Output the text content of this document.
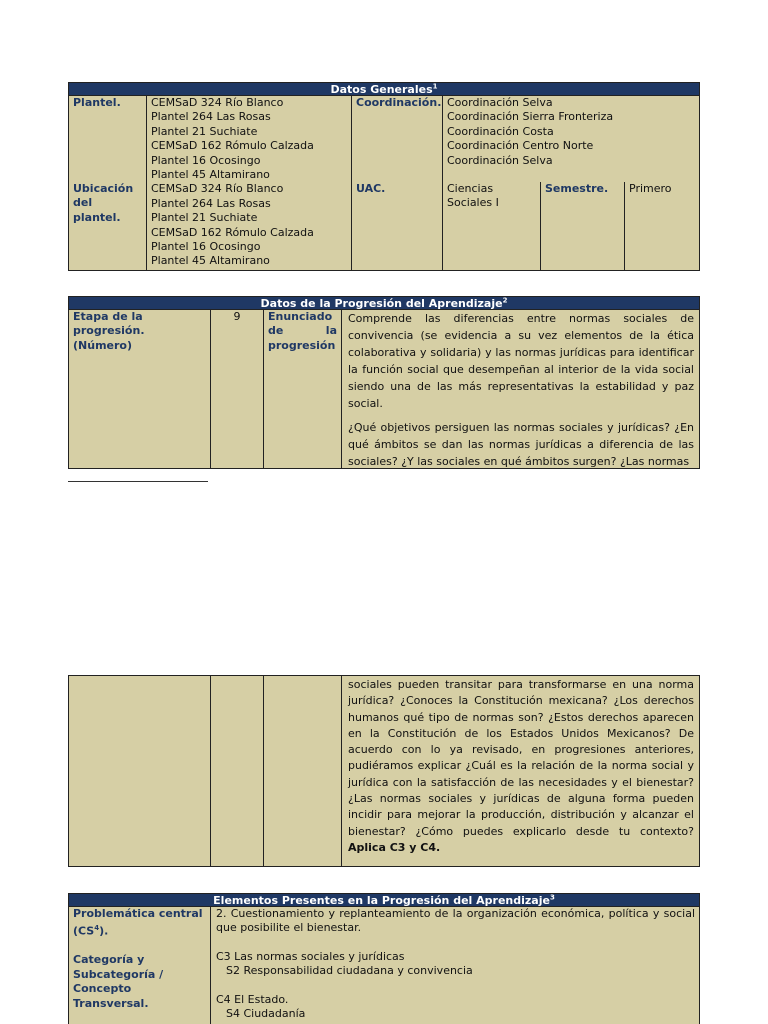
Datos Generales$^1$
Plantel.
Ubicación del plantel.
CEMSaD 324 Río Blanco
Plantel 264 Las Rosas
Plantel 21 Suchiate
CEMSaD 162 Rómulo Calzada
Plantel 16 Ocosingo
Plantel 45 Altamirano
CEMSaD 324 Río Blanco
Plantel 264 Las Rosas
Plantel 21 Suchiate
CEMSaD 162 Rómulo Calzada
Plantel 16 Ocosingo
Plantel 45 Altamirano
Coordinación.
UAC.
Coordinación Selva
Coordinación Sierra Fronteriza
Coordinación Costa
Coordinación Centro Norte
Coordinación Selva
Ciencias Sociales I
Semestre.	Primero
Datos de la Progresión del Aprendizaje$^2$
Etapa de la progresión. (Número)
9	Enunciado de la progresión
Comprende las diferencias entre normas sociales de convivencia (se evidencia a su vez elementos de la ética colaborativa y solidaria) y las normas jurídicas para identificar la función social que desempeñan al interior de la vida social siendo una de las más representativas la estabilidad y paz social.
¿Qué objetivos persiguen las normas sociales y jurídicas? ¿En qué ámbitos se dan las normas jurídicas a diferencia de las sociales? ¿Y las sociales en qué ámbitos surgen? ¿Las normas
sociales pueden transitar para transformarse en una norma jurídica? ¿Conoces la Constitución mexicana? ¿Los derechos humanos qué tipo de normas son? ¿Estos derechos aparecen en la Constitución de los Estados Unidos Mexicanos? De acuerdo con lo ya revisado, en progresiones anteriores, pudiéramos explicar ¿Cuál es la relación de la norma social y jurídica con la satisfacción de las necesidades y el bienestar? ¿Las normas sociales y jurídicas de alguna forma pueden incidir para mejorar la producción, distribución y alcanzar el bienestar? ¿Cómo puedes explicarlo desde tu contexto? Aplica C3 y C4.
Elementos Presentes en la Progresión del Aprendizaje$^3$
Problemática central $(CS^4)$.
Categoría y Subcategoría / Concepto Transversal.
2. Cuestionamiento y replanteamiento de la organización económica, política y social que posibilite el bienestar.
C3 Las normas sociales y jurídicas
S2 Responsabilidad ciudadana y convivencia
C4 El Estado.
S4 Ciudadanía
